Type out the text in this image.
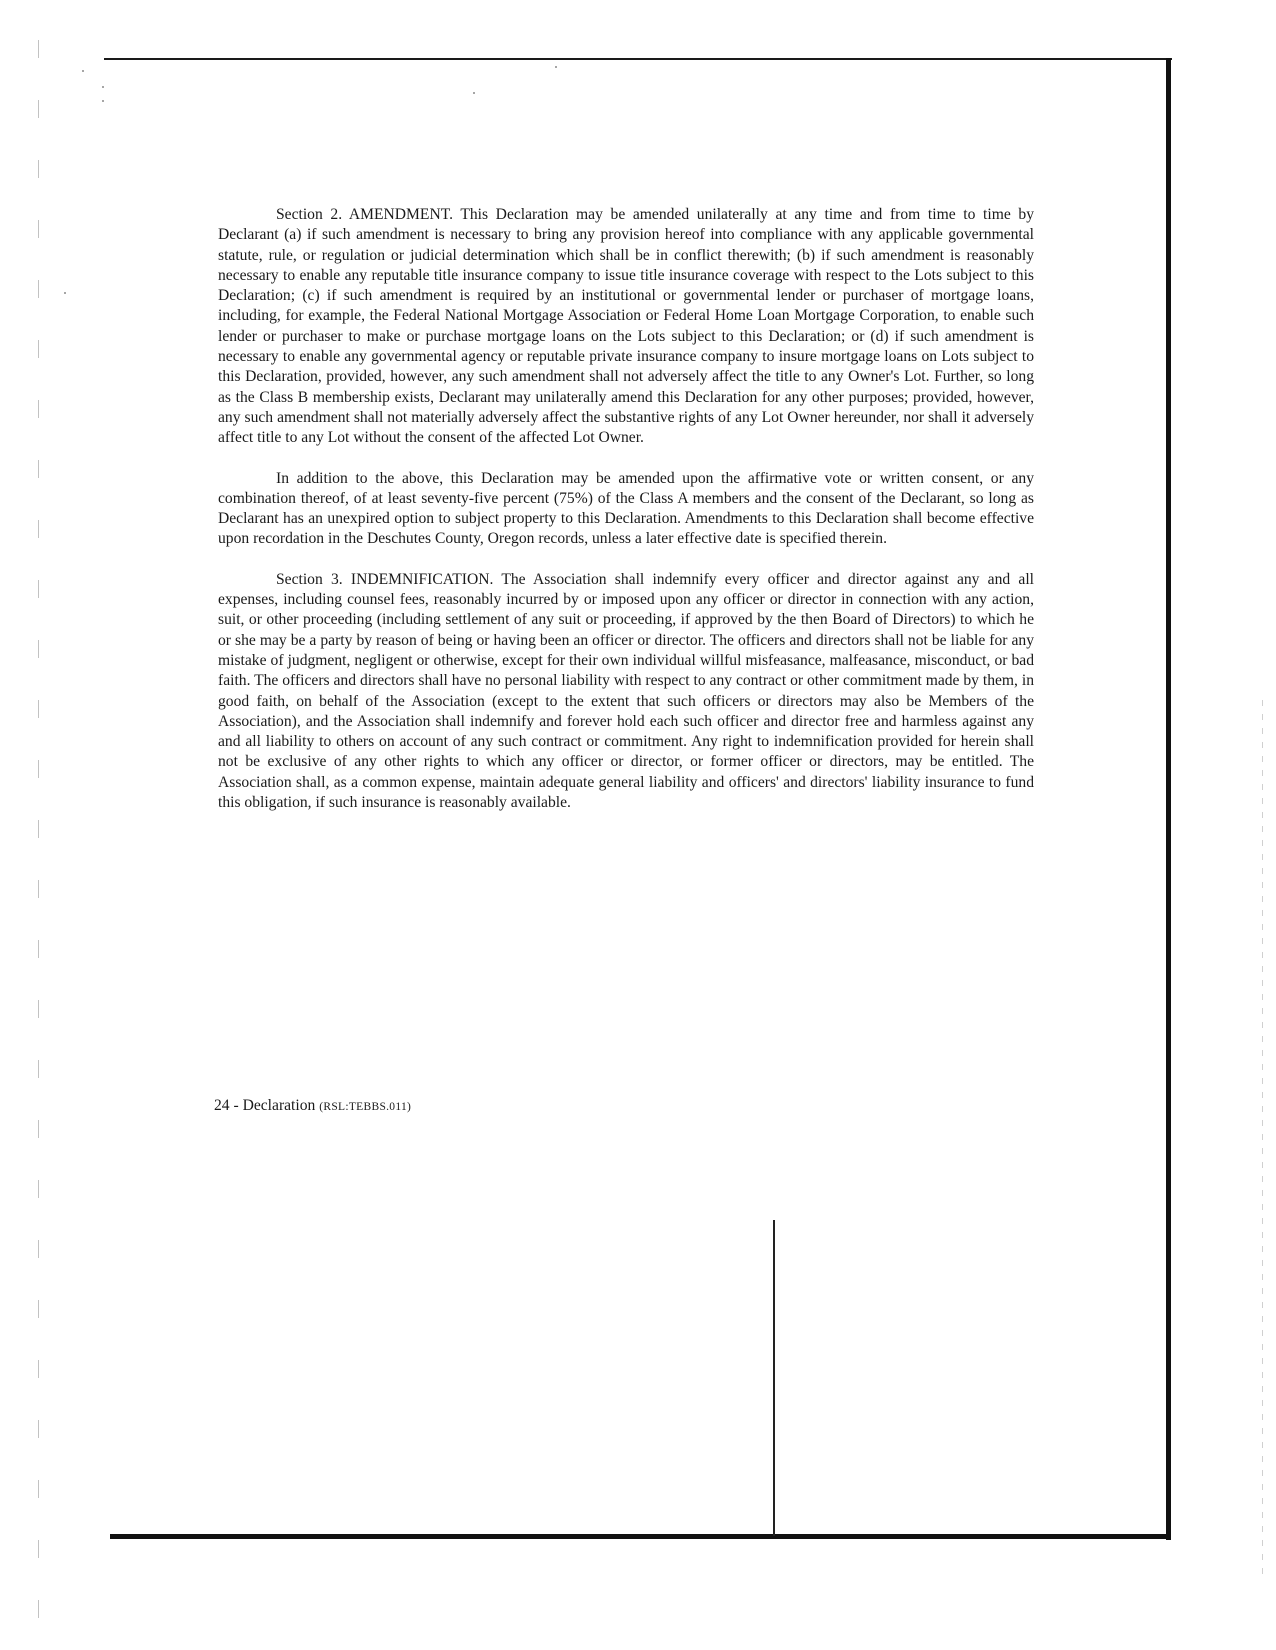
Section 2. AMENDMENT. This Declaration may be amended unilaterally at any time and from time to time by Declarant (a) if such amendment is necessary to bring any provision hereof into compliance with any applicable governmental statute, rule, or regulation or judicial determination which shall be in conflict therewith; (b) if such amendment is reasonably necessary to enable any reputable title insurance company to issue title insurance coverage with respect to the Lots subject to this Declaration; (c) if such amendment is required by an institutional or governmental lender or purchaser of mortgage loans, including, for example, the Federal National Mortgage Association or Federal Home Loan Mortgage Corporation, to enable such lender or purchaser to make or purchase mortgage loans on the Lots subject to this Declaration; or (d) if such amendment is necessary to enable any governmental agency or reputable private insurance company to insure mortgage loans on Lots subject to this Declaration, provided, however, any such amendment shall not adversely affect the title to any Owner's Lot. Further, so long as the Class B membership exists, Declarant may unilaterally amend this Declaration for any other purposes; provided, however, any such amendment shall not materially adversely affect the substantive rights of any Lot Owner hereunder, nor shall it adversely affect title to any Lot without the consent of the affected Lot Owner.

In addition to the above, this Declaration may be amended upon the affirmative vote or written consent, or any combination thereof, of at least seventy-five percent (75%) of the Class A members and the consent of the Declarant, so long as Declarant has an unexpired option to subject property to this Declaration. Amendments to this Declaration shall become effective upon recordation in the Deschutes County, Oregon records, unless a later effective date is specified therein.

Section 3. INDEMNIFICATION. The Association shall indemnify every officer and director against any and all expenses, including counsel fees, reasonably incurred by or imposed upon any officer or director in connection with any action, suit, or other proceeding (including settlement of any suit or proceeding, if approved by the then Board of Directors) to which he or she may be a party by reason of being or having been an officer or director. The officers and directors shall not be liable for any mistake of judgment, negligent or otherwise, except for their own individual willful misfeasance, malfeasance, misconduct, or bad faith. The officers and directors shall have no personal liability with respect to any contract or other commitment made by them, in good faith, on behalf of the Association (except to the extent that such officers or directors may also be Members of the Association), and the Association shall indemnify and forever hold each such officer and director free and harmless against any and all liability to others on account of any such contract or commitment. Any right to indemnification provided for herein shall not be exclusive of any other rights to which any officer or director, or former officer or directors, may be entitled. The Association shall, as a common expense, maintain adequate general liability and officers' and directors' liability insurance to fund this obligation, if such insurance is reasonably available.

24 - Declaration (RSL:TEBBS.011)
